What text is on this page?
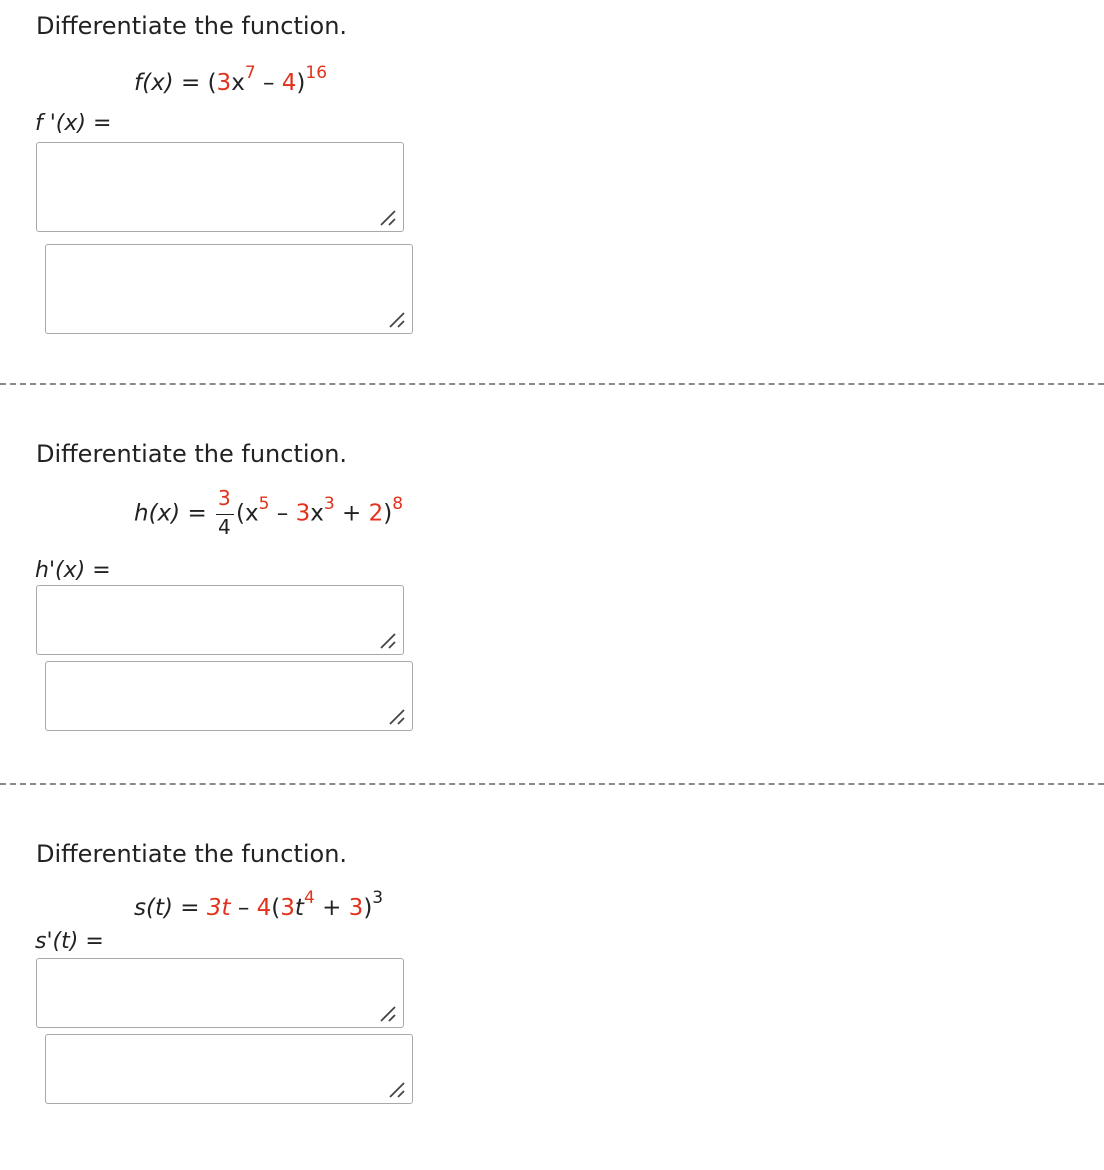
Differentiate the function.
$f(x) = (3x^7 - 4)^{16}$
f '(x) =
Differentiate the function.
$h(x) = \frac{3}{4} (x^5 - 3x^3 + 2)^8$
h'(x) =
Differentiate the function.
$s(t) = 3t - 4(3t^4 + 3)^3$
s'(t) =
